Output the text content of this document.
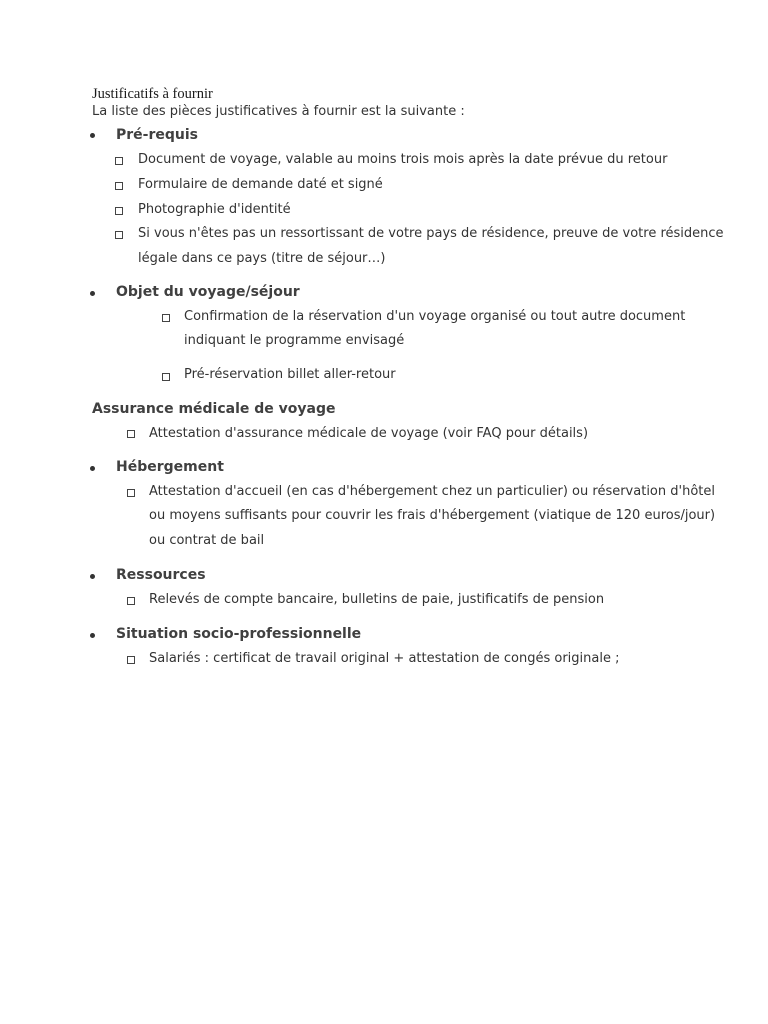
Justificatifs à fournir
La liste des pièces justificatives à fournir est la suivante :
Pré-requis
Document de voyage, valable au moins trois mois après la date prévue du retour
Formulaire de demande daté et signé
Photographie d'identité
Si vous n'êtes pas un ressortissant de votre pays de résidence, preuve de votre résidence
légale dans ce pays (titre de séjour…)
Objet du voyage/séjour
Confirmation de la réservation d'un voyage organisé ou tout autre document
indiquant le programme envisagé
Pré-réservation billet aller-retour
Assurance médicale de voyage
Attestation d'assurance médicale de voyage (voir FAQ pour détails)
Hébergement
Attestation d'accueil (en cas d'hébergement chez un particulier) ou réservation d'hôtel
ou moyens suffisants pour couvrir les frais d'hébergement (viatique de 120 euros/jour)
ou contrat de bail
Ressources
Relevés de compte bancaire, bulletins de paie, justificatifs de pension
Situation socio-professionnelle
Salariés : certificat de travail original + attestation de congés originale ;
